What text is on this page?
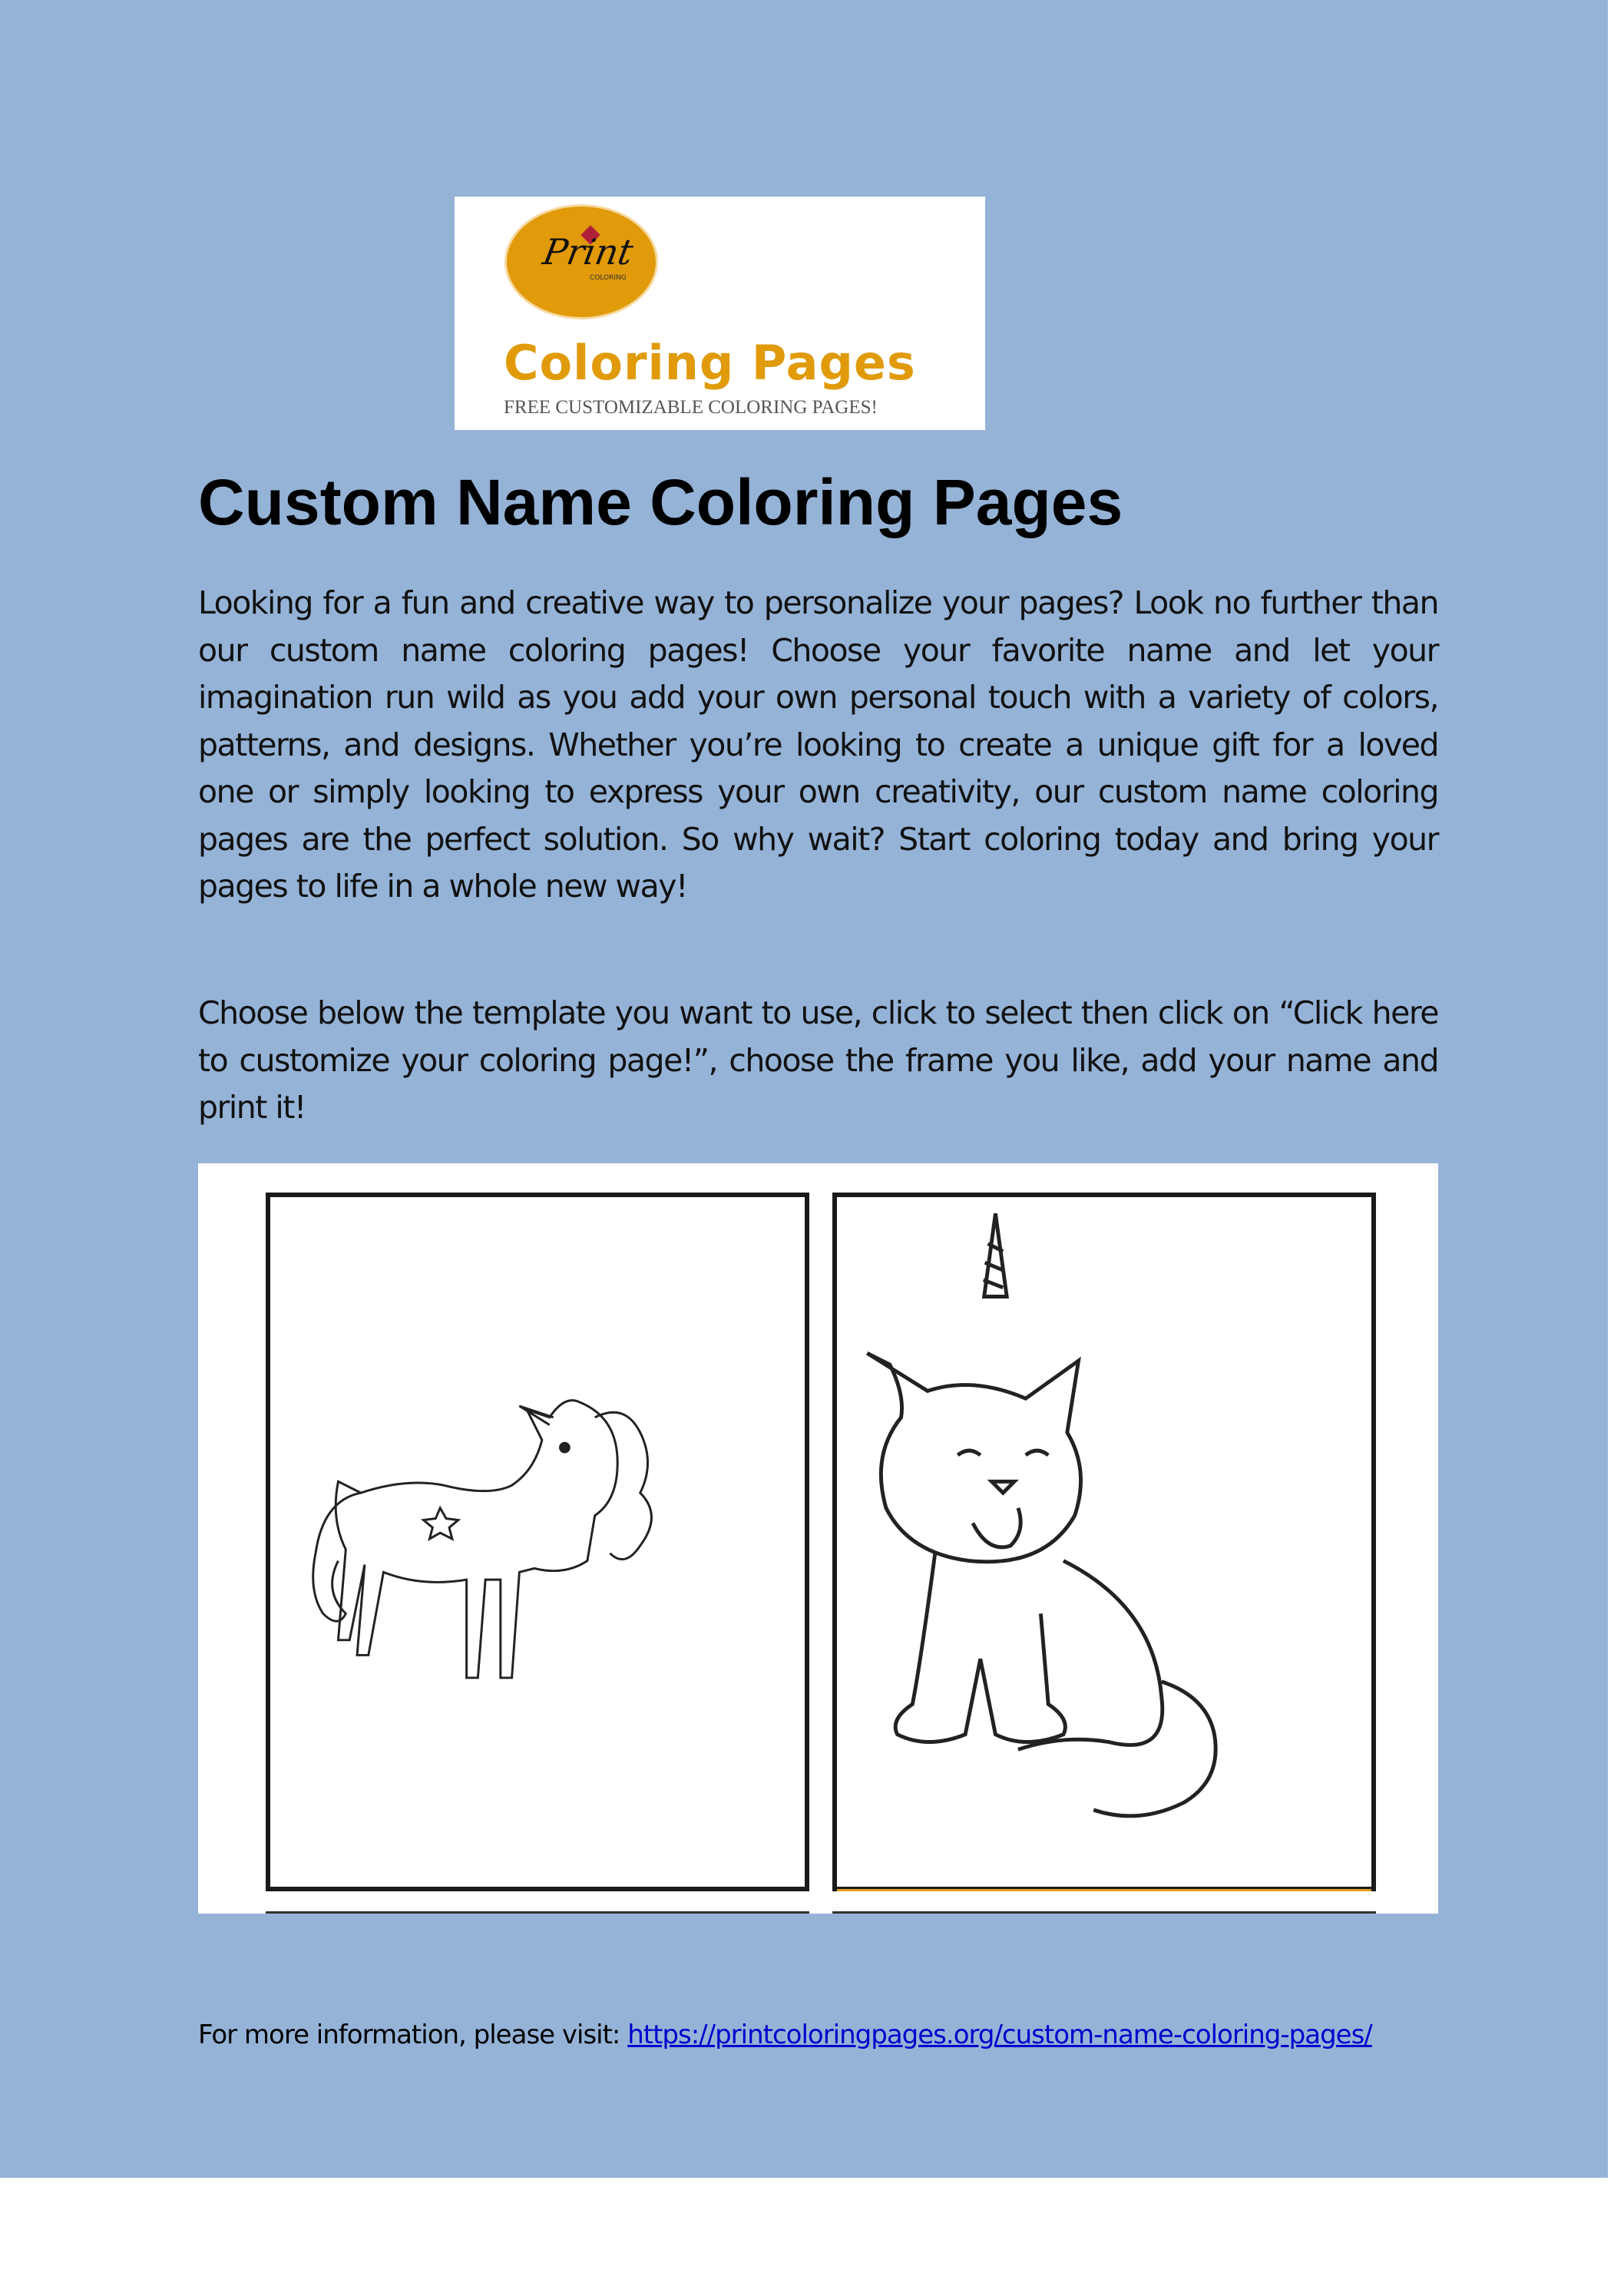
Print
COLORING
Coloring Pages
FREE CUSTOMIZABLE COLORING PAGES!
Custom Name Coloring Pages

Looking for a fun and creative way to personalize your pages? Look no further than our custom name coloring pages! Choose your favorite name and let your imagination run wild as you add your own personal touch with a variety of colors, patterns, and designs. Whether you’re looking to create a unique gift for a loved one or simply looking to express your own creativity, our custom name coloring pages are the perfect solution. So why wait? Start coloring today and bring your pages to life in a whole new way!

Choose below the template you want to use, click to select then click on “Click here to customize your coloring page!”, choose the frame you like, add your name and print it!

For more information, please visit: https://printcoloringpages.org/custom-name-coloring-pages/
